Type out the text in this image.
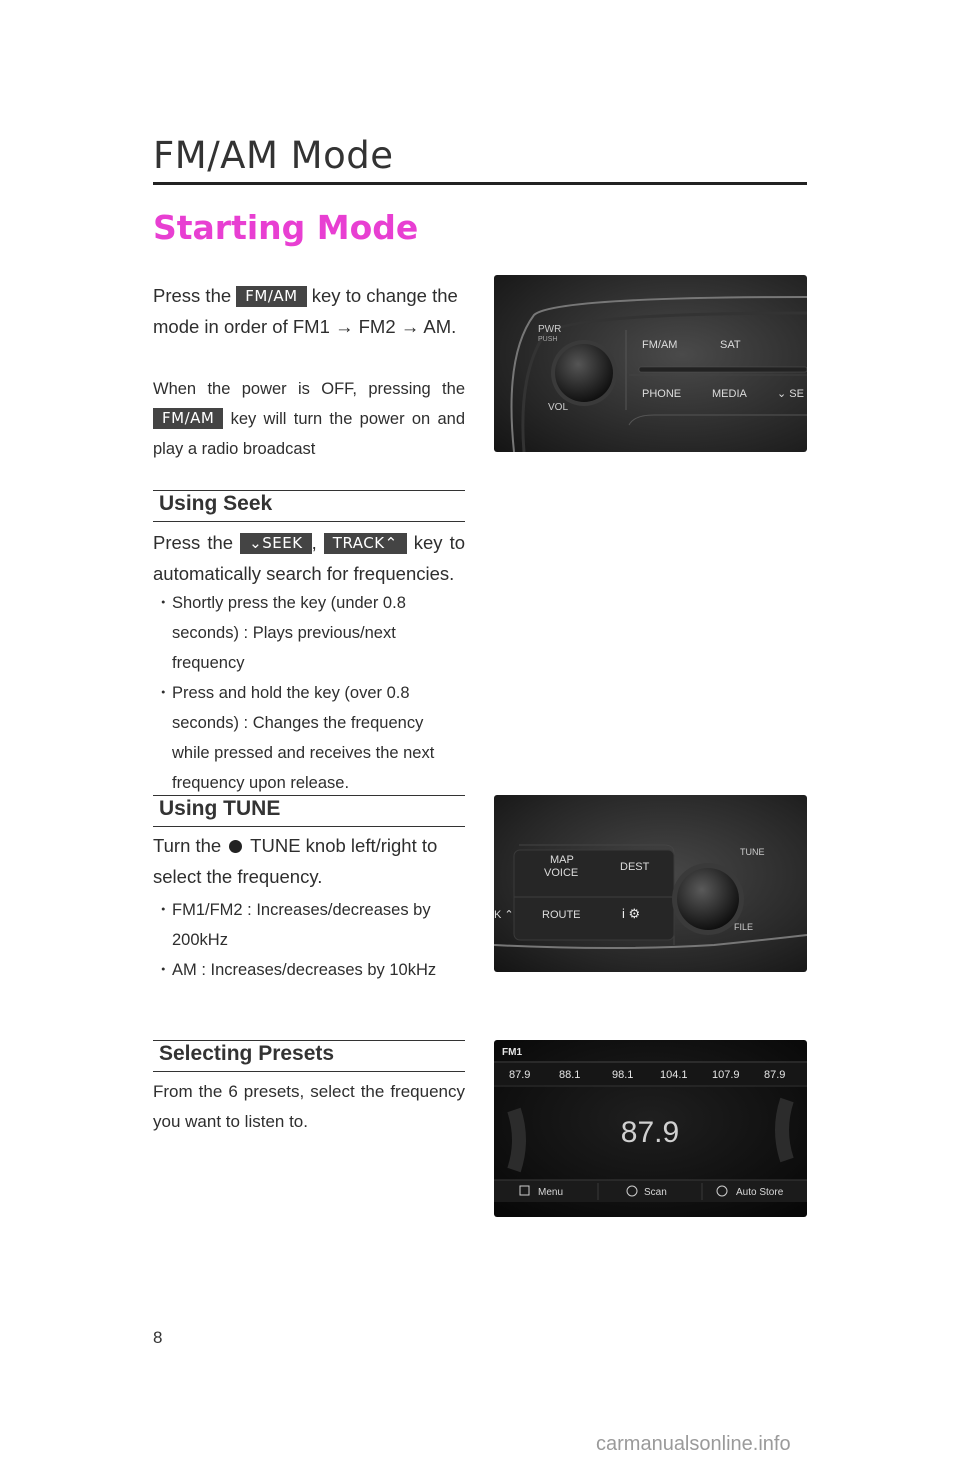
FM/AM Mode
Starting Mode
Press the FM/AM key to change the mode in order of FM1 → FM2 → AM.
When the power is OFF, pressing the FM/AM key will turn the power on and play a radio broadcast
PWR
PUSH
VOL
FM/AM	SAT
PHONE	MEDIA	⌄ SE
Using Seek
Press the ⌄SEEK , TRACK⌃ key to automatically search for frequencies.
・ Shortly press the key (under 0.8 seconds) : Plays previous/next frequency
・ Press and hold the key (over 0.8 seconds) : Changes the frequency while pressed and receives the next frequency upon release.
Using TUNE
Turn the TUNE knob left/right to select the frequency.
・ FM1/FM2 : Increases/decreases by 200kHz
・ AM : Increases/decreases by 10kHz
MAP
VOICE	DEST
K ⌃	ROUTE	i ⚙
TUNE
FILE
Selecting Presets
From the 6 presets, select the frequency you want to listen to.
FM1
87.9	88.1	98.1 104.1 107.9 87.9
87.9
Menu	Scan	Auto Store
8
carmanualsonline.info
